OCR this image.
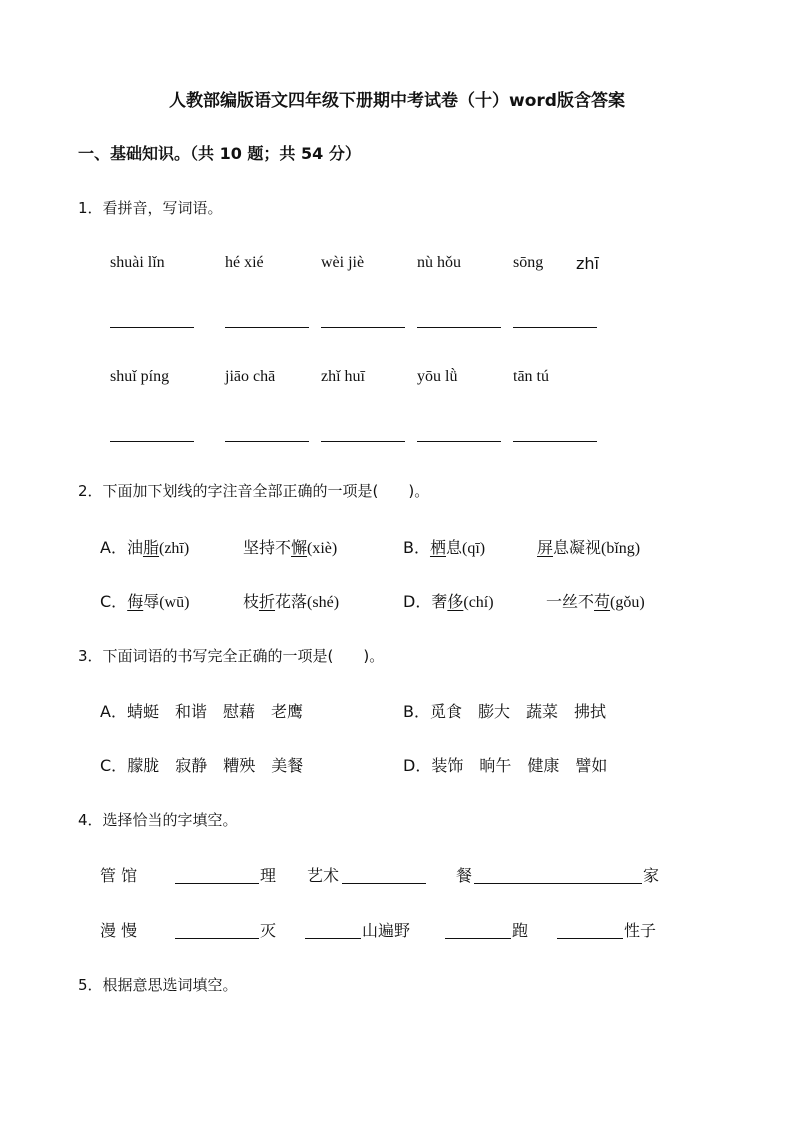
人教部编版语文四年级下册期中考试卷（十）word版含答案
一、基础知识。（共 10 题；共 54 分）
1．看拼音，写词语。
shuài lǐn	hé xié	wèi jiè	nù hǒu	sōng zhī
shuǐ píng	jiāo chā	zhǐ huī	yōu lǜ	tān tú
2．下面加下划线的字注音全部正确的一项是(　　)。
A．油脂(zhī)	坚持不懈(xiè)	B．栖息(qī)	屏息凝视(bǐng)
C．侮辱(wū)	枝折花落(shé)	D．奢侈(chí)	一丝不苟(gǒu)
3．下面词语的书写完全正确的一项是(　　)。
A．蜻蜓　和谐　慰藉　老鹰	B．觅食　膨大　蔬菜　拂拭
C．朦胧　寂静　糟殃　美餐	D．装饰　晌午　健康　譬如
4．选择恰当的字填空。
管 馆	理 艺术	餐	家
漫 慢	灭	山遍野	跑	性子
5．根据意思选词填空。
